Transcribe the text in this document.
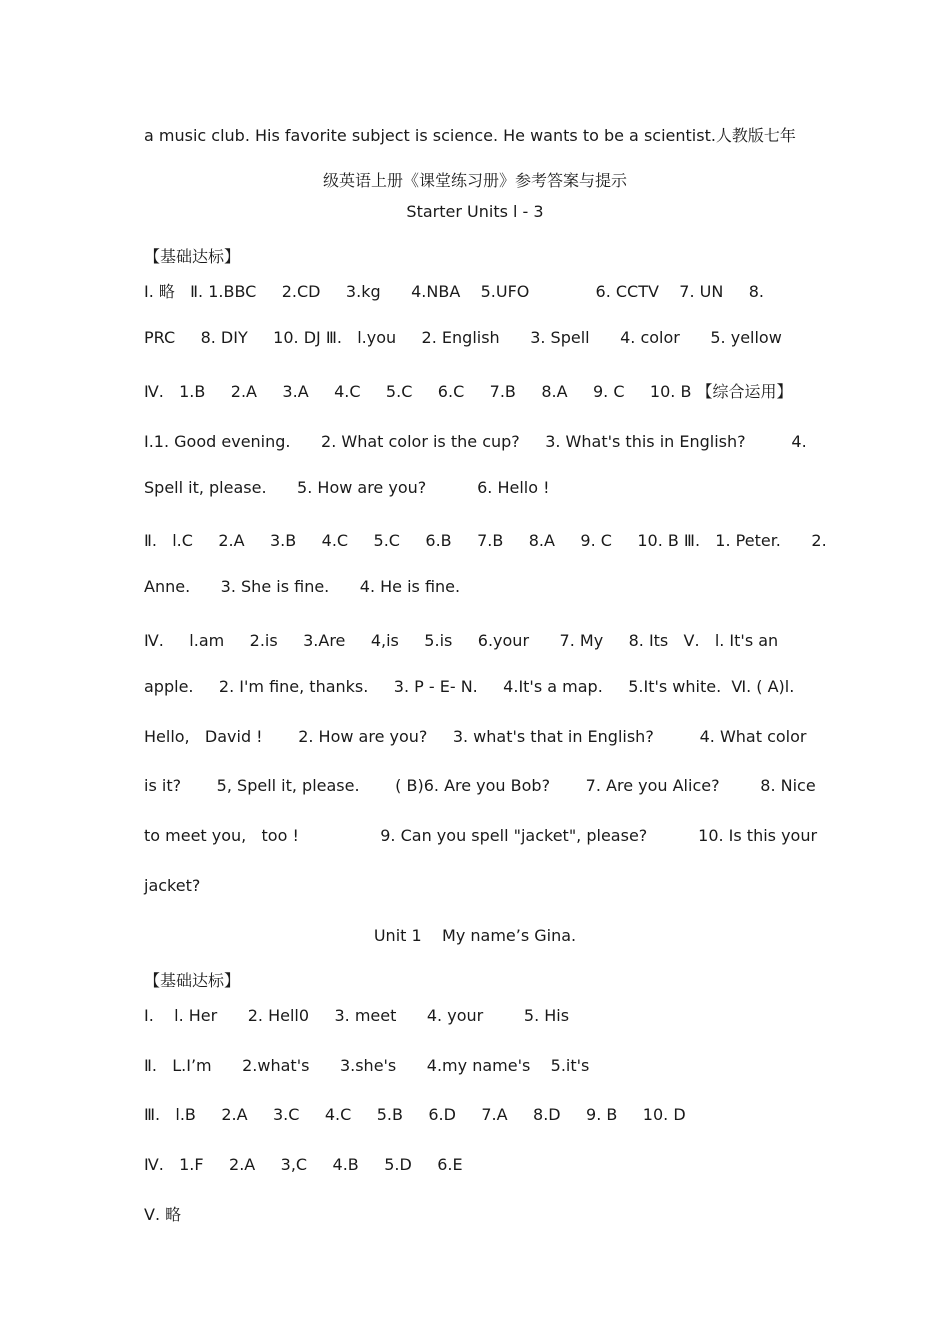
a music club. His favorite subject is science. He wants to be a scientist.人教版七年
级英语上册《课堂练习册》参考答案与提示
Starter Units l - 3
【基础达标】
Ⅰ. 略   Ⅱ. 1.BBC     2.CD     3.kg      4.NBA    5.UFO             6. CCTV    7. UN     8.
PRC     8. DIY     10. DJ Ⅲ.   l.you     2. English      3. Spell      4. color      5. yellow
Ⅳ.   1.B     2.A     3.A     4.C     5.C     6.C     7.B     8.A     9. C     10. B 【综合运用】
Ⅰ.1. Good evening.      2. What color is the cup?     3. What's this in English?         4.
Spell it, please.      5. How are you?          6. Hello !
Ⅱ.   l.C     2.A     3.B     4.C     5.C     6.B     7.B     8.A     9. C     10. B Ⅲ.   1. Peter.      2.
Anne.      3. She is fine.      4. He is fine.
Ⅳ.     l.am     2.is     3.Are     4,is     5.is     6.your      7. My     8. Its   Ⅴ.   l. It's an
apple.     2. I'm fine, thanks.     3. P - E- N.     4.It's a map.     5.It's white.  Ⅵ. ( A)l.
Hello,   David !       2. How are you?     3. what's that in English?         4. What color
is it?       5, Spell it, please.       ( B)6. Are you Bob?       7. Are you Alice?        8. Nice
to meet you,   too !                9. Can you spell "jacket", please?          10. Is this your
jacket?
Unit 1    My name’s Gina.
【基础达标】
Ⅰ.    l. Her      2. Hell0     3. meet      4. your        5. His
Ⅱ.   L.I’m      2.what's      3.she's      4.my name's    5.it's
Ⅲ.   l.B     2.A     3.C     4.C     5.B     6.D     7.A     8.D     9. B     10. D
Ⅳ.   1.F     2.A     3,C     4.B     5.D     6.E
Ⅴ. 略
